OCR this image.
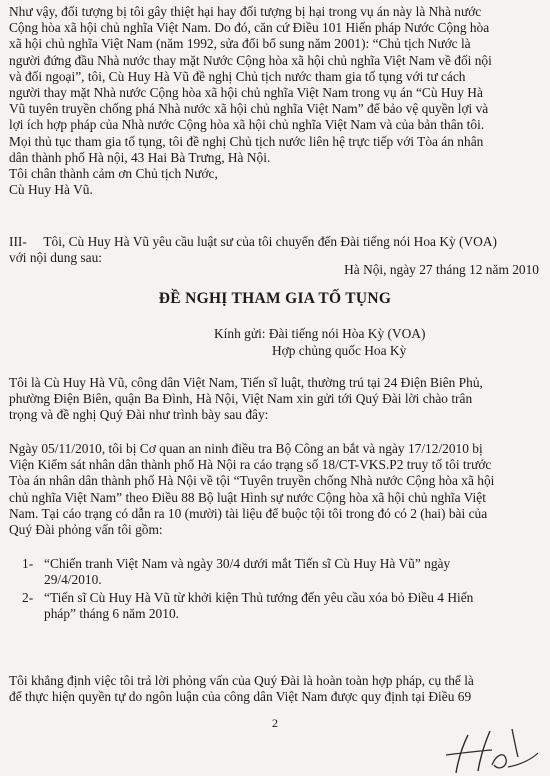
Như vậy, đối tượng bị tôi gây thiệt hại hay đối tượng bị hại trong vụ án này là Nhà nước
Cộng hòa xã hội chủ nghĩa Việt Nam. Do đó, căn cứ Điều 101 Hiến pháp Nước Cộng hòa
xã hội chủ nghĩa Việt Nam (năm 1992, sửa đổi bổ sung năm 2001): “Chủ tịch Nước là
người đứng đầu Nhà nước thay mặt Nước Cộng hòa xã hội chủ nghĩa Việt Nam về đối nội
và đối ngoại”, tôi, Cù Huy Hà Vũ đề nghị Chủ tịch nước tham gia tố tụng với tư cách
người thay mặt Nhà nước Cộng hòa xã hội chủ nghĩa Việt Nam trong vụ án “Cù Huy Hà
Vũ tuyên truyền chống phá Nhà nước xã hội chủ nghĩa Việt Nam” để bảo vệ quyền lợi và
lợi ích hợp pháp của Nhà nước Cộng hòa xã hội chủ nghĩa Việt Nam và của bản thân tôi.
Mọi thủ tục tham gia tố tụng, tôi đề nghị Chủ tịch nước liên hệ trực tiếp với Tòa án nhân
dân thành phố Hà nội, 43 Hai Bà Trưng, Hà Nội.
Tôi chân thành cảm ơn Chủ tịch Nước,
Cù Huy Hà Vũ.

III-     Tôi, Cù Huy Hà Vũ yêu cầu luật sư của tôi chuyển đến Đài tiếng nói Hoa Kỳ (VOA)
với nội dung sau:

Hà Nội, ngày 27 tháng 12 năm 2010

ĐỀ NGHỊ THAM GIA TỐ TỤNG
Kính gửi: Đài tiếng nói Hòa Kỳ (VOA)
Hợp chủng quốc Hoa Kỳ

Tôi là Cù Huy Hà Vũ, công dân Việt Nam, Tiến sĩ luật, thường trú tại 24 Điện Biên Phủ,
phường Điện Biên, quận Ba Đình, Hà Nội, Việt Nam xin gửi tới Quý Đài lời chào trân
trọng và đề nghị Quý Đài như trình bày sau đây:

Ngày 05/11/2010, tôi bị Cơ quan an ninh điều tra Bộ Công an bắt và ngày 17/12/2010 bị
Viện Kiểm sát nhân dân thành phố Hà Nội ra cáo trạng số 18/CT-VKS.P2 truy tố tôi trước
Tòa án nhân dân thành phố Hà Nội về tội “Tuyên truyền chống Nhà nước Cộng hòa xã hội
chủ nghĩa Việt Nam” theo Điều 88 Bộ luật Hình sự nước Cộng hòa xã hội chủ nghĩa Việt
Nam. Tại cáo trạng có dẫn ra 10 (mười) tài liệu để buộc tội tôi trong đó có 2 (hai) bài của
Quý Đài phỏng vấn tôi gồm:

1- “Chiến tranh Việt Nam và ngày 30/4 dưới mắt Tiến sĩ Cù Huy Hà Vũ” ngày
29/4/2010.
2- “Tiến sĩ Cù Huy Hà Vũ từ khởi kiện Thủ tướng đến yêu cầu xóa bỏ Điều 4 Hiến
pháp” tháng 6 năm 2010.

Tôi khẳng định việc tôi trả lời phỏng vấn của Quý Đài là hoàn toàn hợp pháp, cụ thể là
để thực hiện quyền tự do ngôn luận của công dân Việt Nam được quy định tại Điều 69

2
